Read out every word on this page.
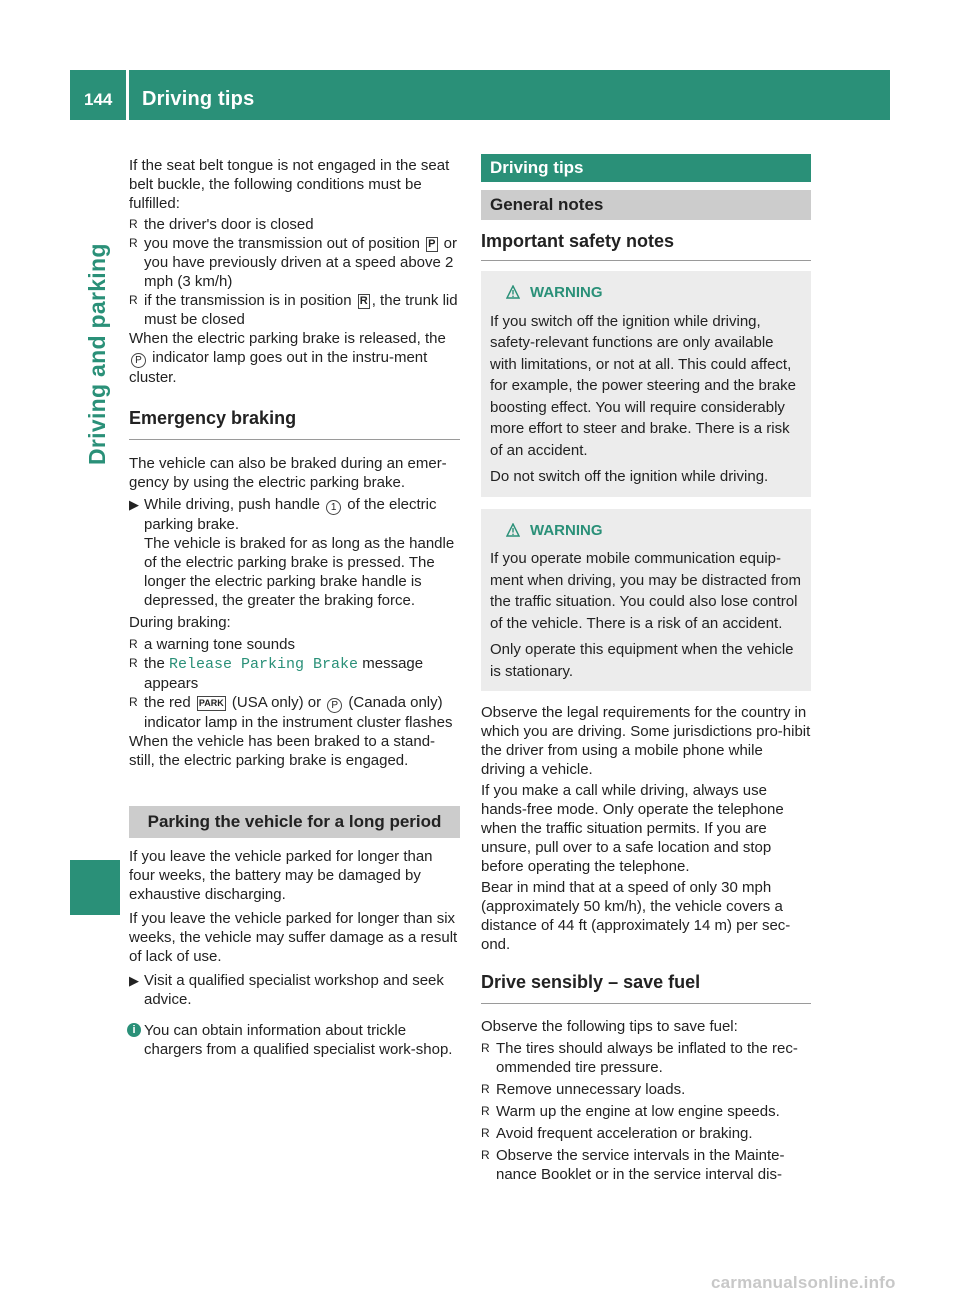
144 Driving tips
Driving and parking

If the seat belt tongue is not engaged in the seat belt buckle, the following conditions must be fulfilled:

R the driver's door is closed
R you move the transmission out of position P or you have previously driven at a speed above 2 mph (3 km/h)
R if the transmission is in position R , the trunk lid must be closed

When the electric parking brake is released, the P indicator lamp goes out in the instru-ment cluster.

Emergency braking

The vehicle can also be braked during an emer-gency by using the electric parking brake.

▶ While driving, push handle 1 of the electric parking brake.

The vehicle is braked for as long as the handle of the electric parking brake is pressed. The longer the electric parking brake handle is depressed, the greater the braking force.

During braking:

R a warning tone sounds
R the Release Parking Brake message appears
R the red PARK (USA only) or P (Canada only) indicator lamp in the instrument cluster flashes

When the vehicle has been braked to a stand-still, the electric parking brake is engaged.

Parking the vehicle for a long period

If you leave the vehicle parked for longer than four weeks, the battery may be damaged by exhaustive discharging.

If you leave the vehicle parked for longer than six weeks, the vehicle may suffer damage as a result of lack of use.

▶ Visit a qualified specialist workshop and seek advice.
i You can obtain information about trickle chargers from a qualified specialist work-shop.
Driving tips
General notes
Important safety notes
WARNING

If you switch off the ignition while driving, safety-relevant functions are only available with limitations, or not at all. This could affect, for example, the power steering and the brake boosting effect. You will require considerably more effort to steer and brake. There is a risk of an accident.

Do not switch off the ignition while driving.

WARNING

If you operate mobile communication equip-ment when driving, you may be distracted from the traffic situation. You could also lose control of the vehicle. There is a risk of an accident.

Only operate this equipment when the vehicle is stationary.

Observe the legal requirements for the country in which you are driving. Some jurisdictions pro-hibit the driver from using a mobile phone while driving a vehicle.

If you make a call while driving, always use hands-free mode. Only operate the telephone when the traffic situation permits. If you are unsure, pull over to a safe location and stop before operating the telephone.

Bear in mind that at a speed of only 30 mph (approximately 50 km/h), the vehicle covers a distance of 44 ft (approximately 14 m) per sec-ond.

Drive sensibly – save fuel

Observe the following tips to save fuel:

R The tires should always be inflated to the rec-ommended tire pressure.
R Remove unnecessary loads.
R Warm up the engine at low engine speeds.
R Avoid frequent acceleration or braking.
R Observe the service intervals in the Mainte-nance Booklet or in the service interval dis-
carmanualsonline.info
